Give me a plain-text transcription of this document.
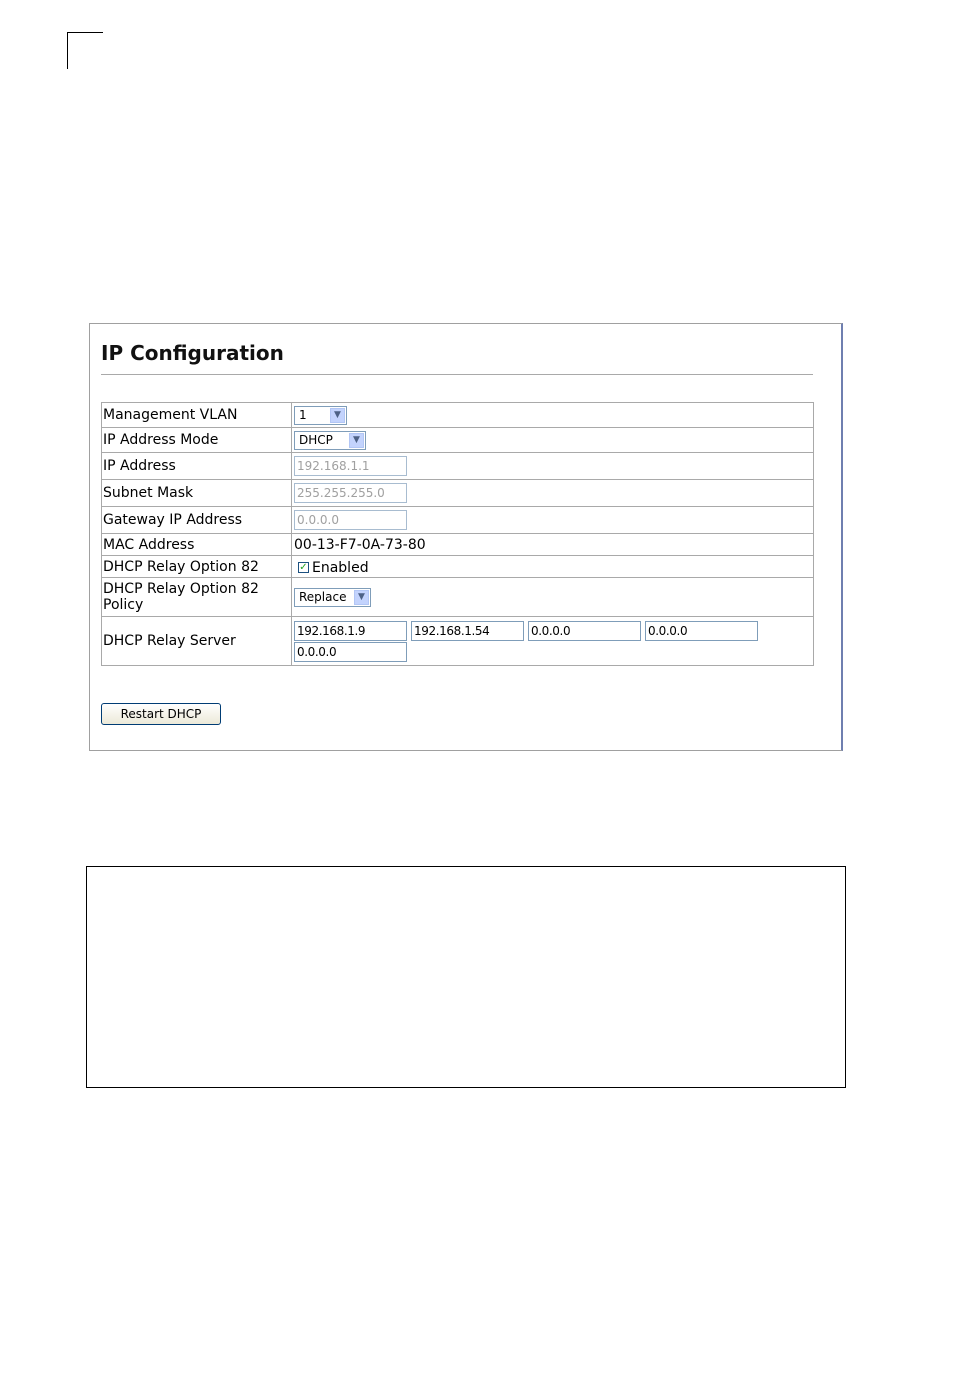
IP Configuration
Management VLAN	1 ▼

IP Address Mode	DHCP ▼

IP Address	192.168.1.1
Subnet Mask	255.255.255.0
Gateway IP Address	0.0.0.0
MAC Address	00-13-F7-0A-73-80
DHCP Relay Option 82	✓ Enabled

DHCP Relay Option 82
Policy	Replace ▼

DHCP Relay Server	192.168.1.9 192.168.1.54 0.0.0.0 0.0.0.0
0.0.0.0
Restart DHCP
